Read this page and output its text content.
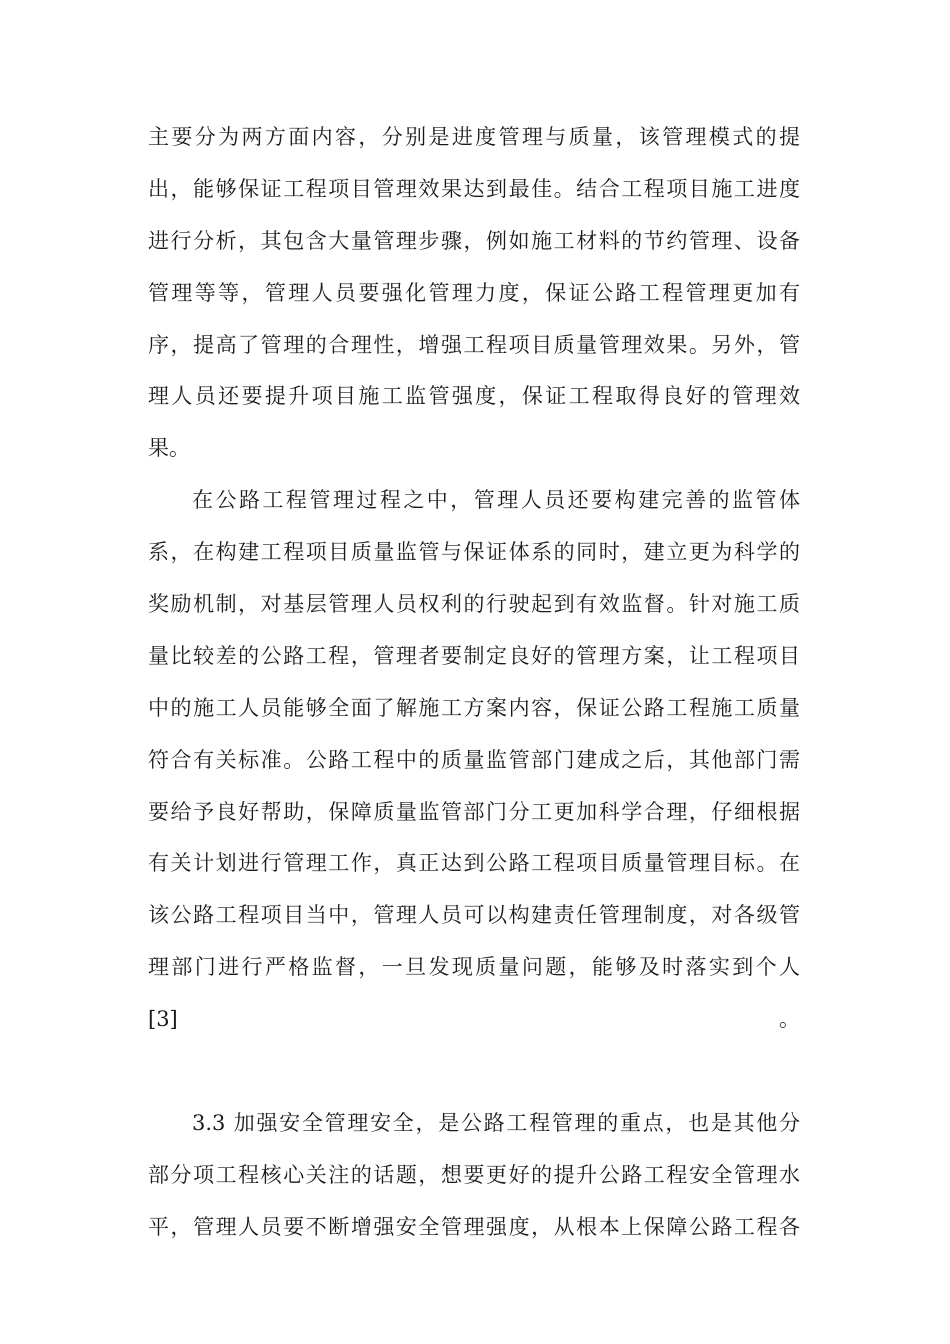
主要分为两方面内容，分别是进度管理与质量，该管理模式的提
出，能够保证工程项目管理效果达到最佳。结合工程项目施工进度
进行分析，其包含大量管理步骤，例如施工材料的节约管理、设备
管理等等，管理人员要强化管理力度，保证公路工程管理更加有
序，提高了管理的合理性，增强工程项目质量管理效果。另外，管
理人员还要提升项目施工监管强度，保证工程取得良好的管理效
果。
在公路工程管理过程之中，管理人员还要构建完善的监管体
系，在构建工程项目质量监管与保证体系的同时，建立更为科学的
奖励机制，对基层管理人员权利的行驶起到有效监督。针对施工质
量比较差的公路工程，管理者要制定良好的管理方案，让工程项目
中的施工人员能够全面了解施工方案内容，保证公路工程施工质量
符合有关标准。公路工程中的质量监管部门建成之后，其他部门需
要给予良好帮助，保障质量监管部门分工更加科学合理，仔细根据
有关计划进行管理工作，真正达到公路工程项目质量管理目标。在
该公路工程项目当中，管理人员可以构建责任管理制度，对各级管
理部门进行严格监督，一旦发现质量问题，能够及时落实到个人
[3]。
3.3 加强安全管理安全，是公路工程管理的重点，也是其他分
部分项工程核心关注的话题，想要更好的提升公路工程安全管理水
平，管理人员要不断增强安全管理强度，从根本上保障公路工程各
